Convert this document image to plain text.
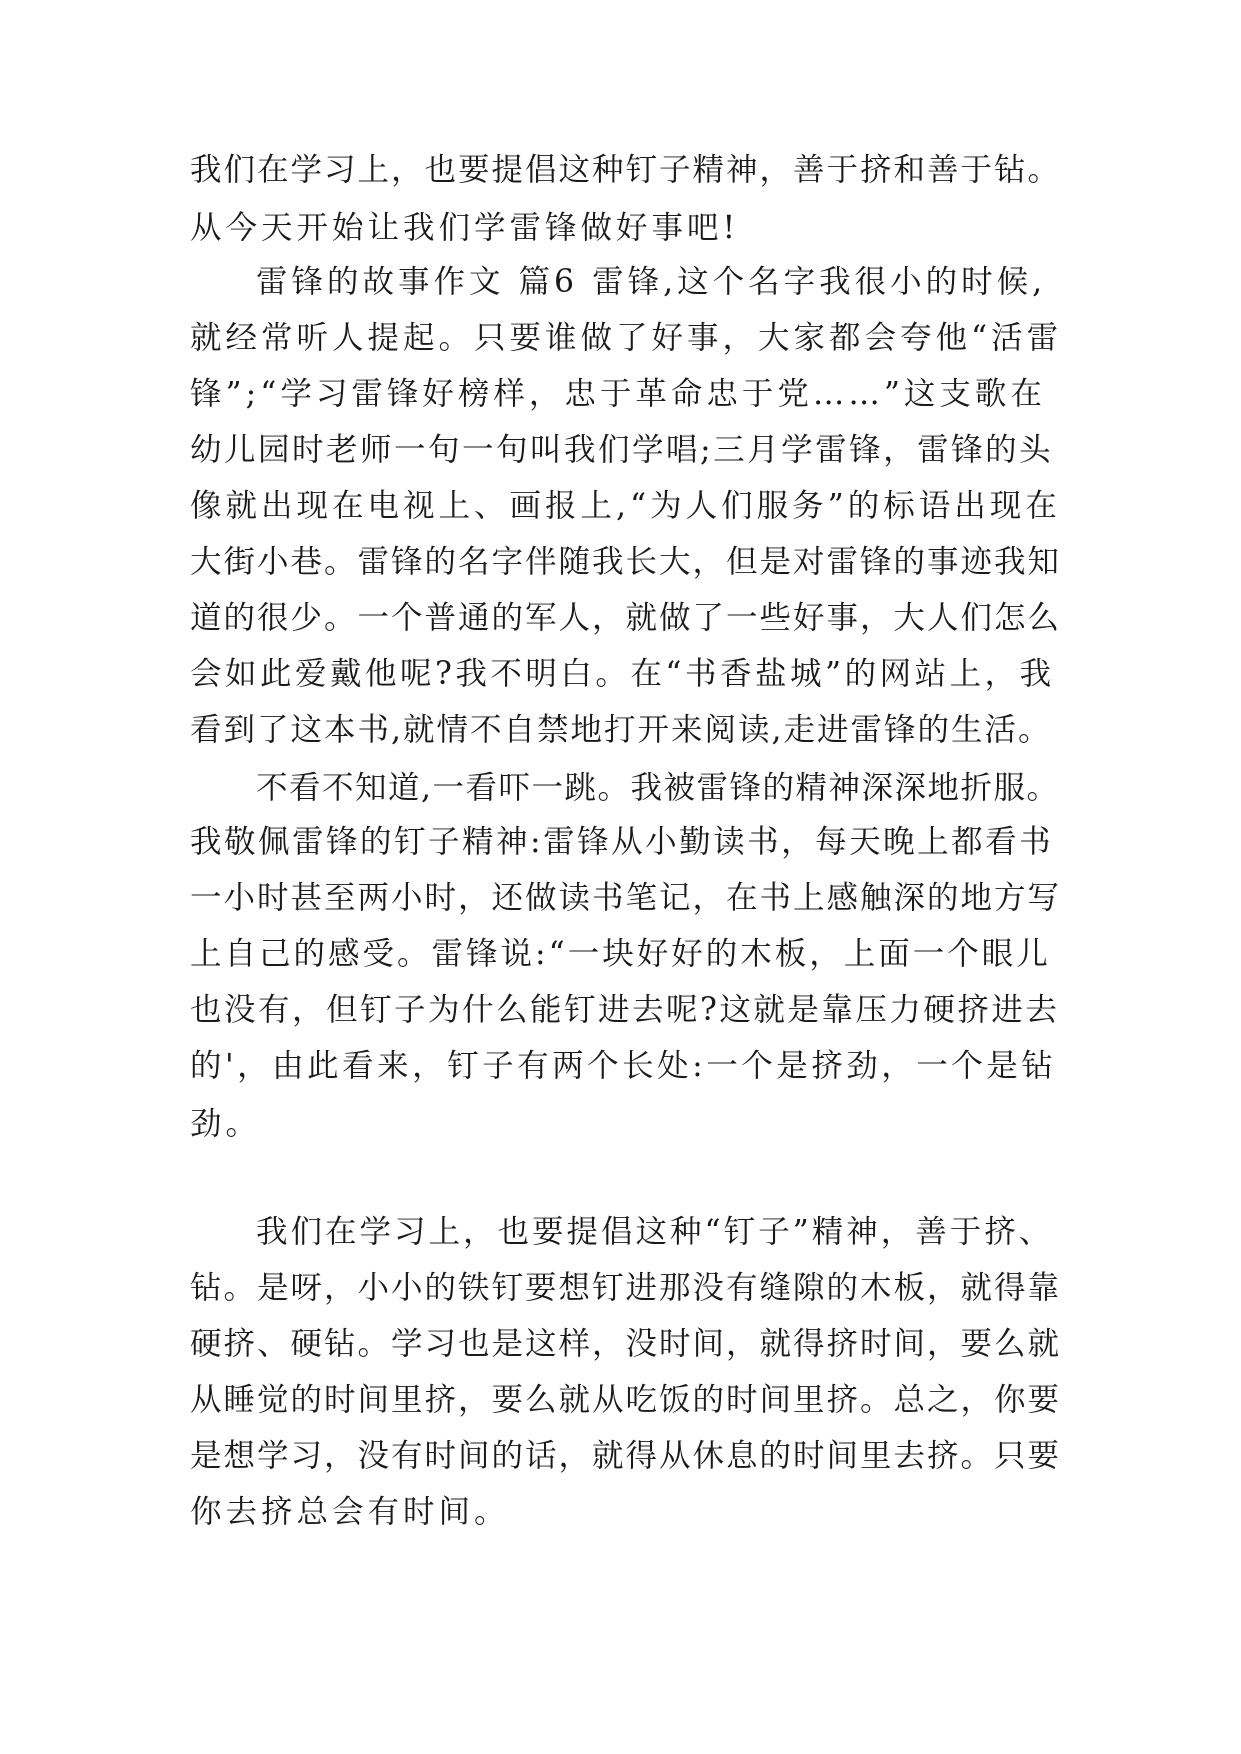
我们在学习上，也要提倡这种钉子精神，善于挤和善于钻。
从今天开始让我们学雷锋做好事吧!
雷锋的故事作文 篇6 雷锋,这个名字我很小的时候,
就经常听人提起。只要谁做了好事，大家都会夸他“活雷
锋”;“学习雷锋好榜样，忠于革命忠于党……”这支歌在
幼儿园时老师一句一句叫我们学唱;三月学雷锋，雷锋的头
像就出现在电视上、画报上,“为人们服务”的标语出现在
大街小巷。雷锋的名字伴随我长大，但是对雷锋的事迹我知
道的很少。一个普通的军人，就做了一些好事，大人们怎么
会如此爱戴他呢?我不明白。在“书香盐城”的网站上，我
看到了这本书,就情不自禁地打开来阅读,走进雷锋的生活。
不看不知道,一看吓一跳。我被雷锋的精神深深地折服。
我敬佩雷锋的钉子精神:雷锋从小勤读书，每天晚上都看书
一小时甚至两小时，还做读书笔记，在书上感触深的地方写
上自己的感受。雷锋说:“一块好好的木板，上面一个眼儿
也没有，但钉子为什么能钉进去呢?这就是靠压力硬挤进去
的'，由此看来，钉子有两个长处:一个是挤劲，一个是钻
劲。
我们在学习上，也要提倡这种“钉子”精神，善于挤、
钻。是呀，小小的铁钉要想钉进那没有缝隙的木板，就得靠
硬挤、硬钻。学习也是这样，没时间，就得挤时间，要么就
从睡觉的时间里挤，要么就从吃饭的时间里挤。总之，你要
是想学习，没有时间的话，就得从休息的时间里去挤。只要
你去挤总会有时间。
